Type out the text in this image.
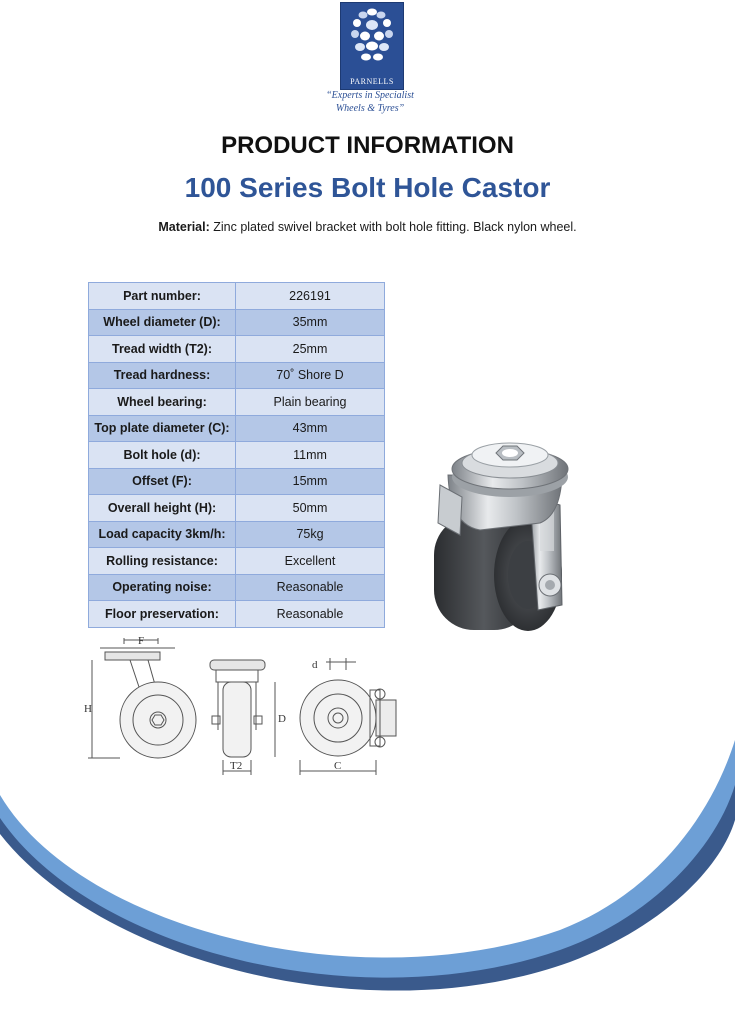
PARNELLS
“Experts in Specialist
Wheels & Tyres”
PRODUCT INFORMATION
100 Series Bolt Hole Castor
Material: Zinc plated swivel bracket with bolt hole fitting. Black nylon wheel.
Part number:	226191
Wheel diameter (D):	35mm
Tread width (T2):	25mm
Tread hardness:	70˚ Shore D
Wheel bearing:	Plain bearing
Top plate diameter (C):	43mm
Bolt hole (d):	11mm
Offset (F):	15mm
Overall height (H):	50mm
Load capacity 3km/h:	75kg
Rolling resistance:	Excellent
Operating noise:	Reasonable
Floor preservation:	Reasonable
F
H
D
T2
d
C
